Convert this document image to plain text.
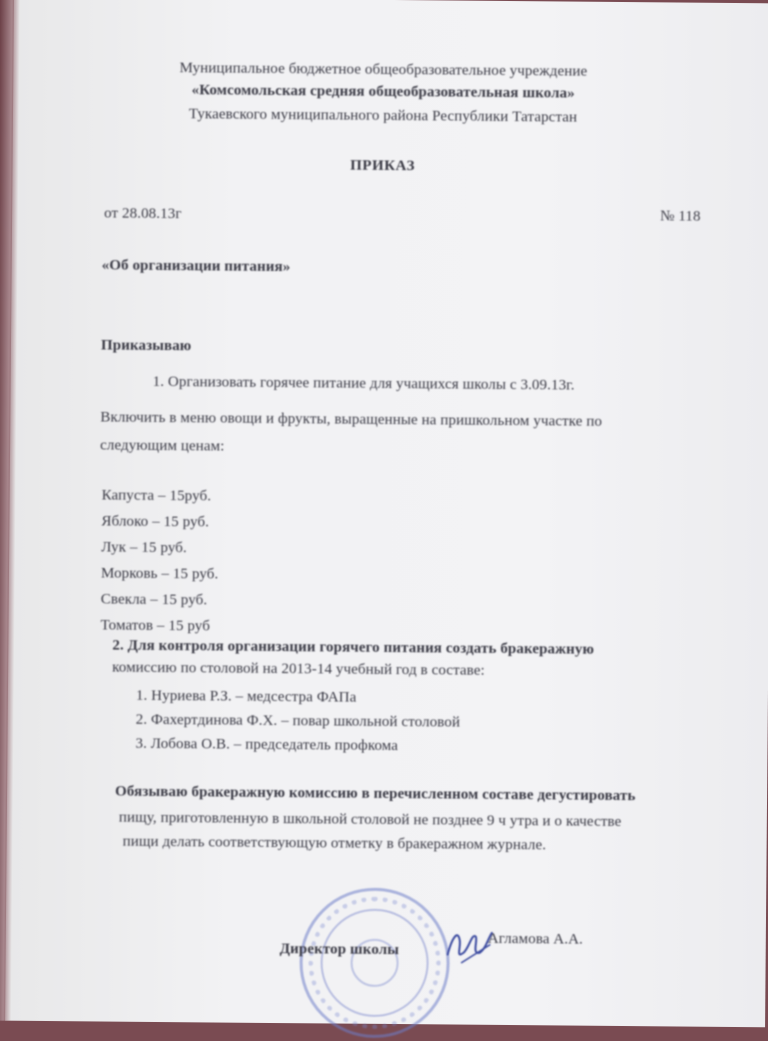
Муниципальное бюджетное общеобразовательное учреждение
«Комсомольская средняя общеобразовательная школа»
Тукаевского муниципального района Республики Татарстан
ПРИКАЗ
от 28.08.13г	№ 118
«Об организации питания»
Приказываю
1. Организовать горячее питание для учащихся школы с 3.09.13г.
Включить в меню овощи и фрукты, выращенные на пришкольном участке по
следующим ценам:
Капуста – 15руб.
Яблоко – 15 руб.
Лук – 15 руб.
Морковь – 15 руб.
Свекла – 15 руб.
Томатов – 15 руб
2. Для контроля организации горячего питания создать бракеражную
комиссию по столовой на 2013-14 учебный год в составе:
1. Нуриева Р.З. – медсестра ФАПа
2. Фахертдинова Ф.Х. – повар школьной столовой
3. Лобова О.В. – председатель профкома
Обязываю бракеражную комиссию в перечисленном составе дегустировать
пищу, приготовленную в школьной столовой не позднее 9 ч утра и о качестве
пищи делать соответствующую отметку в бракеражном журнале.
Директор школы
Агламова А.А.
